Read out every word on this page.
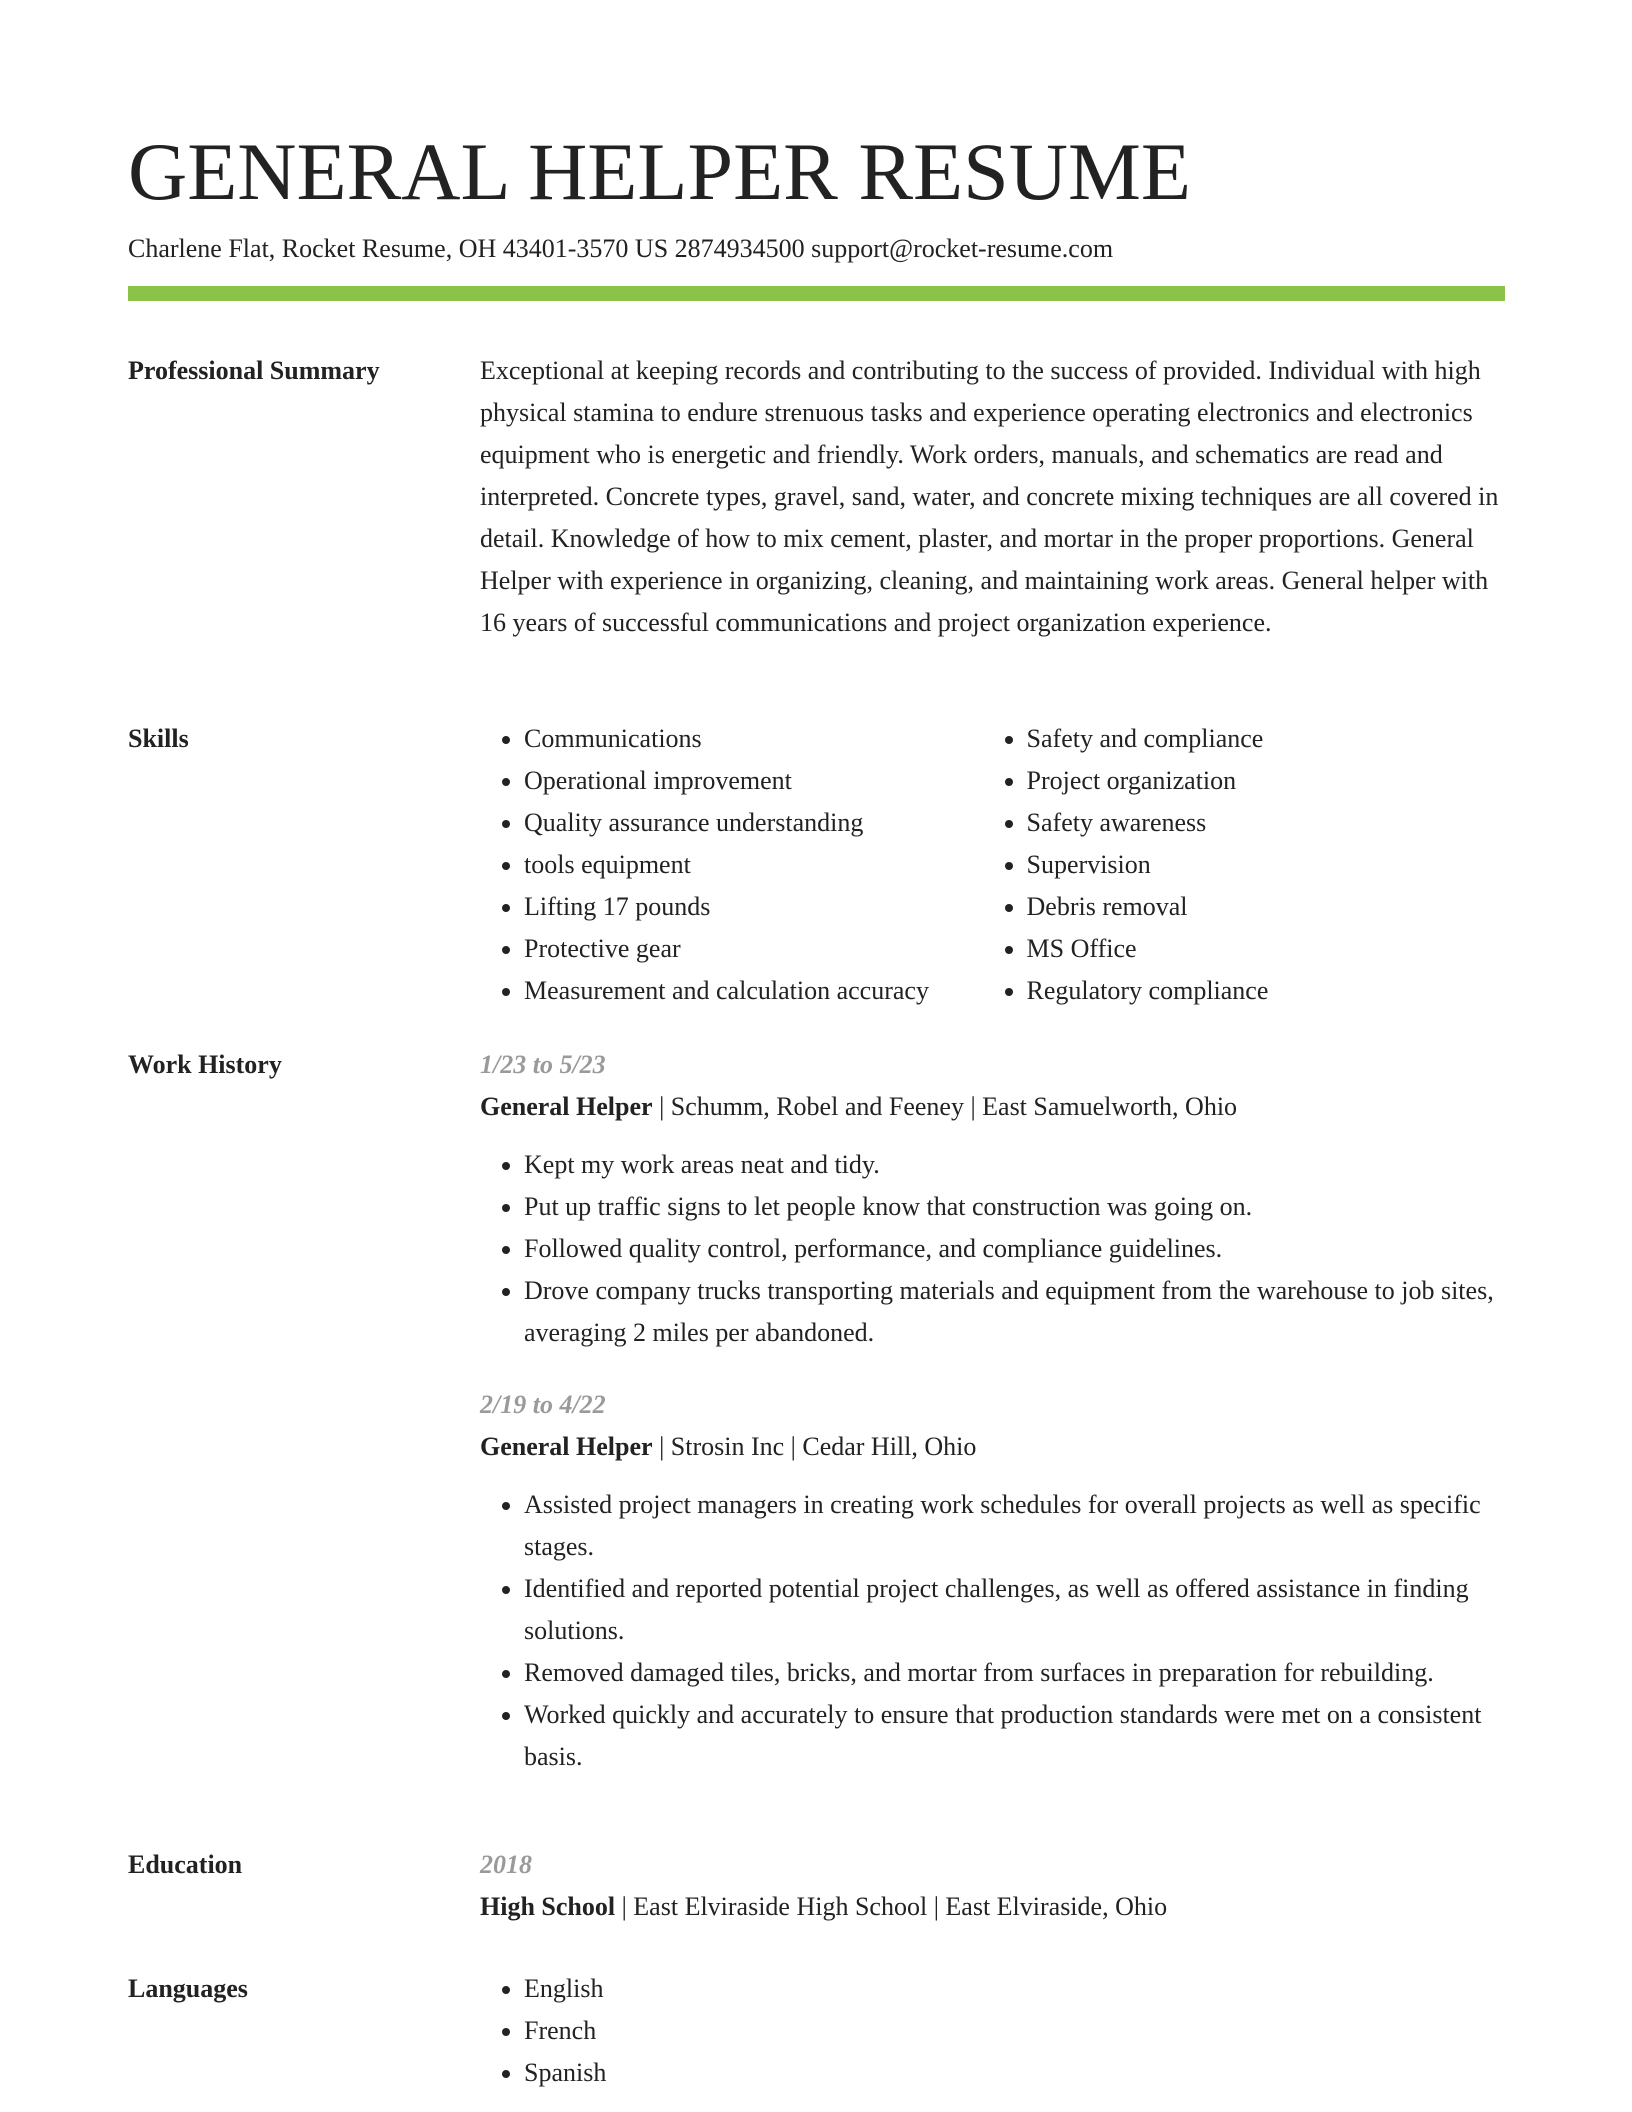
GENERAL HELPER RESUME
Charlene Flat, Rocket Resume, OH 43401-3570 US 2874934500 support@rocket-resume.com
Professional Summary	Exceptional at keeping records and contributing to the success of provided. Individual with high physical stamina to endure strenuous tasks and experience operating electronics and electronics equipment who is energetic and friendly. Work orders, manuals, and schematics are read and interpreted. Concrete types, gravel, sand, water, and concrete mixing techniques are all covered in detail. Knowledge of how to mix cement, plaster, and mortar in the proper proportions. General Helper with experience in organizing, cleaning, and maintaining work areas. General helper with 16 years of successful communications and project organization experience.

Skills	• Communications
• Operational improvement
• Quality assurance understanding
• tools equipment
• Lifting 17 pounds
• Protective gear
• Measurement and calculation accuracy
• Safety and compliance
• Project organization
• Safety awareness
• Supervision
• Debris removal
• MS Office
• Regulatory compliance
Work History	1/23 to 5/23
General Helper | Schumm, Robel and Feeney | East Samuelworth, Ohio
• Kept my work areas neat and tidy.
• Put up traffic signs to let people know that construction was going on.
• Followed quality control, performance, and compliance guidelines.
• Drove company trucks transporting materials and equipment from the warehouse to job sites, averaging 2 miles per abandoned.
2/19 to 4/22
General Helper | Strosin Inc | Cedar Hill, Ohio
• Assisted project managers in creating work schedules for overall projects as well as specific stages.
• Identified and reported potential project challenges, as well as offered assistance in finding solutions.
• Removed damaged tiles, bricks, and mortar from surfaces in preparation for rebuilding.
• Worked quickly and accurately to ensure that production standards were met on a consistent basis.
Education	2018
High School | East Elviraside High School | East Elviraside, Ohio
Languages	• English
• French
• Spanish
